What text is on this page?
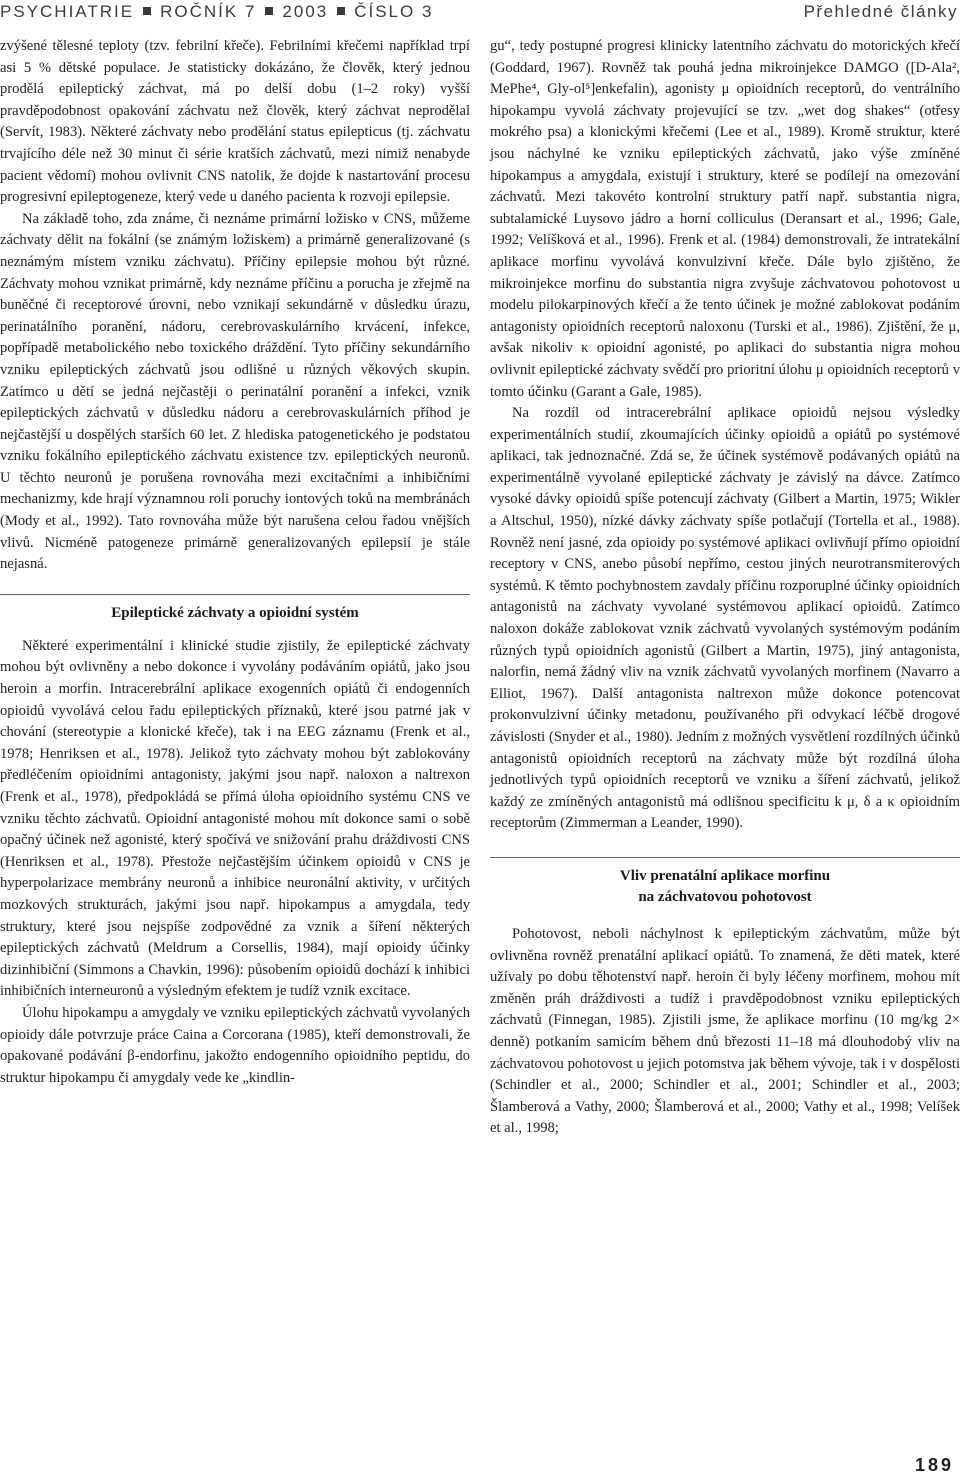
PSYCHIATRIE ROČNÍK 7 2003 ČÍSLO 3	Přehledné články

zvýšené tělesné teploty (tzv. febrilní křeče). Febrilními křečemi například trpí asi 5 % dětské populace. Je statisticky dokázáno, že člověk, který jednou prodělá epileptický záchvat, má po delší dobu (1–2 roky) vyšší pravděpodobnost opakování záchvatu než člověk, který záchvat neprodělal (Servít, 1983). Některé záchvaty nebo prodělání status epilepticus (tj. záchvatu trvajícího déle než 30 minut či série kratších záchvatů, mezi nimiž nenabyde pacient vědomí) mohou ovlivnit CNS natolik, že dojde k nastartování procesu progresivní epileptogeneze, který vede u daného pacienta k rozvoji epilepsie.

Na základě toho, zda známe, či neznáme primární ložisko v CNS, můžeme záchvaty dělit na fokální (se známým ložiskem) a primárně generalizované (s neznámým místem vzniku záchvatu). Příčiny epilepsie mohou být různé. Záchvaty mohou vznikat primárně, kdy neznáme příčinu a porucha je zřejmě na buněčné či receptorové úrovni, nebo vznikají sekundárně v důsledku úrazu, perinatálního poranění, nádoru, cerebrovaskulárního krvácení, infekce, popřípadě metabolického nebo toxického dráždění. Tyto příčiny sekundárního vzniku epileptických záchvatů jsou odlišné u různých věkových skupin. Zatímco u dětí se jedná nejčastěji o perinatální poranění a infekci, vznik epileptických záchvatů v důsledku nádoru a cerebrovaskulárních příhod je nejčastější u dospělých starších 60 let. Z hlediska patogenetického je podstatou vzniku fokálního epileptického záchvatu existence tzv. epileptických neuronů. U těchto neuronů je porušena rovnováha mezi excitačními a inhibičními mechanizmy, kde hrají významnou roli poruchy iontových toků na membránách (Mody et al., 1992). Tato rovnováha může být narušena celou řadou vnějších vlivů. Nicméně patogeneze primárně generalizovaných epilepsií je stále nejasná.

Epileptické záchvaty a opioidní systém

Některé experimentální i klinické studie zjistily, že epileptické záchvaty mohou být ovlivněny a nebo dokonce i vyvolány podáváním opiátů, jako jsou heroin a morfin. Intracerebrální aplikace exogenních opiátů či endogenních opioidů vyvolává celou řadu epileptických příznaků, které jsou patrné jak v chování (stereotypie a klonické křeče), tak i na EEG záznamu (Frenk et al., 1978; Henriksen et al., 1978). Jelikož tyto záchvaty mohou být zablokovány předléčením opioidními antagonisty, jakými jsou např. naloxon a naltrexon (Frenk et al., 1978), předpokládá se přímá úloha opioidního systému CNS ve vzniku těchto záchvatů. Opioidní antagonisté mohou mít dokonce sami o sobě opačný účinek než agonisté, který spočívá ve snižování prahu dráždivosti CNS (Henriksen et al., 1978). Přestože nejčastějším účinkem opioidů v CNS je hyperpolarizace membrány neuronů a inhibice neuronální aktivity, v určitých mozkových strukturách, jakými jsou např. hipokampus a amygdala, tedy struktury, které jsou nejspíše zodpovědné za vznik a šíření některých epileptických záchvatů (Meldrum a Corsellis, 1984), mají opioidy účinky dizinhibiční (Simmons a Chavkin, 1996): působením opioidů dochází k inhibici inhibičních interneuronů a výsledným efektem je tudíž vznik excitace.

Úlohu hipokampu a amygdaly ve vzniku epileptických záchvatů vyvolaných opioidy dále potvrzuje práce Caina a Corcorana (1985), kteří demonstrovali, že opakované podávání β-endorfinu, jakožto endogenního opioidního peptidu, do struktur hipokampu či amygdaly vede ke „kindlin-

gu“, tedy postupné progresi klinicky latentního záchvatu do motorických křečí (Goddard, 1967). Rovněž tak pouhá jedna mikroinjekce DAMGO ([D-Ala², MePhe⁴, Gly-ol⁵]enkefalin), agonisty μ opioidních receptorů, do ventrálního hipokampu vyvolá záchvaty projevující se tzv. „wet dog shakes“ (otřesy mokrého psa) a klonickými křečemi (Lee et al., 1989). Kromě struktur, které jsou náchylné ke vzniku epileptických záchvatů, jako výše zmíněné hipokampus a amygdala, existují i struktury, které se podílejí na omezování záchvatů. Mezi takovéto kontrolní struktury patří např. substantia nigra, subtalamické Luysovo jádro a horní colliculus (Deransart et al., 1996; Gale, 1992; Velíšková et al., 1996). Frenk et al. (1984) demonstrovali, že intratekální aplikace morfinu vyvolává konvulzivní křeče. Dále bylo zjištěno, že mikroinjekce morfinu do substantia nigra zvyšuje záchvatovou pohotovost u modelu pilokarpinových křečí a že tento účinek je možné zablokovat podáním antagonisty opioidních receptorů naloxonu (Turski et al., 1986). Zjištění, že μ, avšak nikoliv κ opioidní agonisté, po aplikaci do substantia nigra mohou ovlivnit epileptické záchvaty svědčí pro prioritní úlohu μ opioidních receptorů v tomto účinku (Garant a Gale, 1985).

Na rozdíl od intracerebrální aplikace opioidů nejsou výsledky experimentálních studií, zkoumajících účinky opioidů a opiátů po systémové aplikaci, tak jednoznačné. Zdá se, že účinek systémově podávaných opiátů na experimentálně vyvolané epileptické záchvaty je závislý na dávce. Zatímco vysoké dávky opioidů spíše potencují záchvaty (Gilbert a Martin, 1975; Wikler a Altschul, 1950), nízké dávky záchvaty spíše potlačují (Tortella et al., 1988). Rovněž není jasné, zda opioidy po systémové aplikaci ovlivňují přímo opioidní receptory v CNS, anebo působí nepřímo, cestou jiných neurotransmiterových systémů. K těmto pochybnostem zavdaly příčinu rozporuplné účinky opioidních antagonistů na záchvaty vyvolané systémovou aplikací opioidů. Zatímco naloxon dokáže zablokovat vznik záchvatů vyvolaných systémovým podáním různých typů opioidních agonistů (Gilbert a Martin, 1975), jiný antagonista, nalorfin, nemá žádný vliv na vznik záchvatů vyvolaných morfinem (Navarro a Elliot, 1967). Další antagonista naltrexon může dokonce potencovat prokonvulzivní účinky metadonu, používaného při odvykací léčbě drogové závislosti (Snyder et al., 1980). Jedním z možných vysvětlení rozdílných účinků antagonistů opioidních receptorů na záchvaty může být rozdílná úloha jednotlivých typů opioidních receptorů ve vzniku a šíření záchvatů, jelikož každý ze zmíněných antagonistů má odlišnou specificitu k μ, δ a κ opioidním receptorům (Zimmerman a Leander, 1990).

Vliv prenatální aplikace morfinu
na záchvatovou pohotovost

Pohotovost, neboli náchylnost k epileptickým záchvatům, může být ovlivněna rovněž prenatální aplikací opiátů. To znamená, že děti matek, které užívaly po dobu těhotenství např. heroin či byly léčeny morfinem, mohou mít změněn práh dráždivosti a tudíž i pravděpodobnost vzniku epileptických záchvatů (Finnegan, 1985). Zjistili jsme, že aplikace morfinu (10 mg/kg 2× denně) potkaním samicím během dnů březosti 11–18 má dlouhodobý vliv na záchvatovou pohotovost u jejich potomstva jak během vývoje, tak i v dospělosti (Schindler et al., 2000; Schindler et al., 2001; Schindler et al., 2003; Šlamberová a Vathy, 2000; Šlamberová et al., 2000; Vathy et al., 1998; Velíšek et al., 1998;

189
